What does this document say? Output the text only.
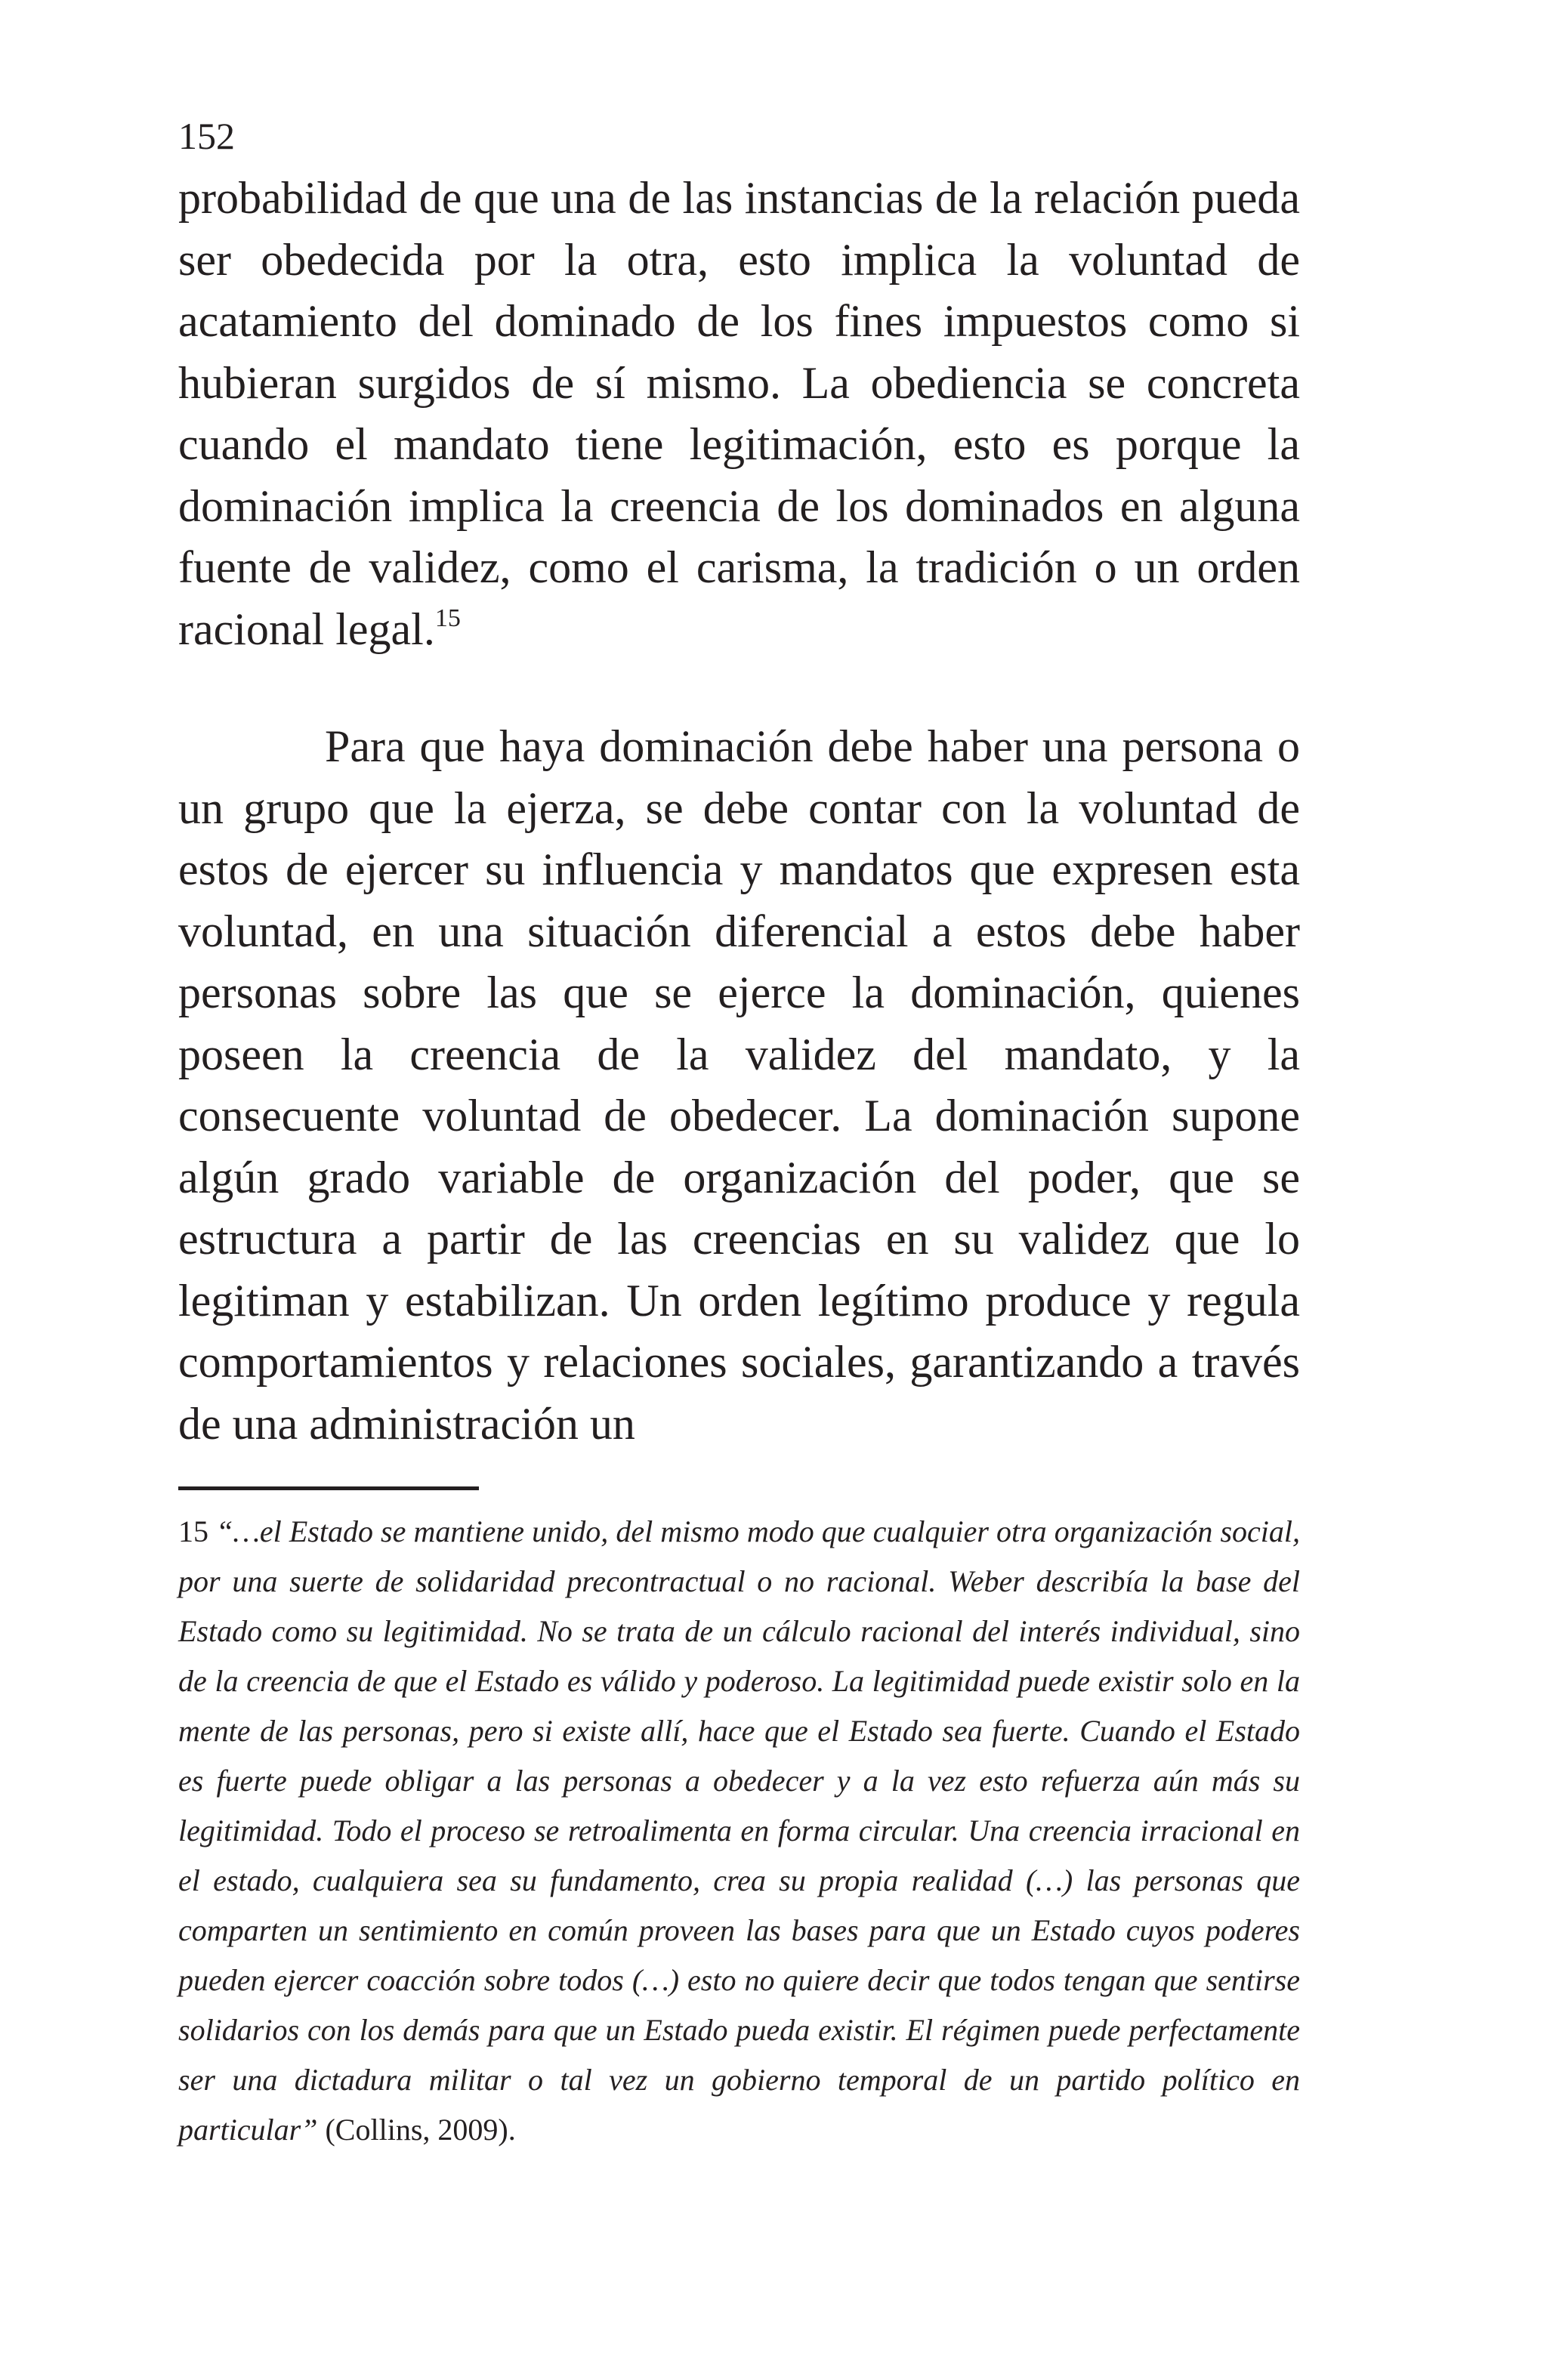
152

probabilidad de que una de las instancias de la relación pueda ser obedecida por la otra, esto implica la voluntad de acatamiento del dominado de los fines impuestos como si hubieran surgidos de sí mismo. La obediencia se concreta cuando el mandato tiene legitimación, esto es porque la dominación implica la creencia de los dominados en alguna fuente de validez, como el carisma, la tradición o un orden racional legal.$^{15}$

Para que haya dominación debe haber una persona o un grupo que la ejerza, se debe contar con la voluntad de estos de ejercer su influencia y mandatos que expresen esta voluntad, en una situación diferencial a estos debe haber personas sobre las que se ejerce la dominación, quienes poseen la creencia de la validez del mandato, y la consecuente voluntad de obedecer. La dominación supone algún grado variable de organización del poder, que se estructura a partir de las creencias en su validez que lo legitiman y estabilizan. Un orden legítimo produce y regula comportamientos y relaciones sociales, garantizando a través de una administración un

15 “…el Estado se mantiene unido, del mismo modo que cualquier otra organización social, por una suerte de solidaridad precontractual o no racional. Weber describía la base del Estado como su legitimidad. No se trata de un cálculo racional del interés individual, sino de la creencia de que el Estado es válido y poderoso. La legitimidad puede existir solo en la mente de las personas, pero si existe allí, hace que el Estado sea fuerte. Cuando el Estado es fuerte puede obligar a las personas a obedecer y a la vez esto refuerza aún más su legitimidad. Todo el proceso se retroalimenta en forma circular. Una creencia irracional en el estado, cualquiera sea su fundamento, crea su propia realidad (…) las personas que comparten un sentimiento en común proveen las bases para que un Estado cuyos poderes pueden ejercer coacción sobre todos (…) esto no quiere decir que todos tengan que sentirse solidarios con los demás para que un Estado pueda existir. El régimen puede perfectamente ser una dictadura militar o tal vez un gobierno temporal de un partido político en particular” (Collins, 2009).
